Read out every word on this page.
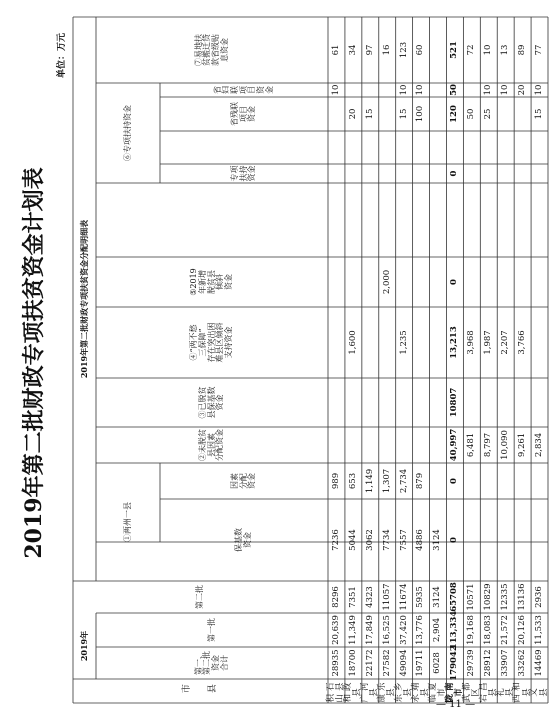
市　县
2019年
第一、
第二批
资金
合计
第一批
第二批
2019年第二批财政专项扶贫资金分配明细表
①两州一县	保基数
资金
因素
分配
资金
②未脱贫
县因素
分配资金
③已脱贫
县保基数
资金
④“两不愁
三保障”
存在突出困
难县区倾斜
支持资金
⑤2019
年新增
脱贫县
倾斜
资金
⑥专项扶持资金
专项
扶持
资金
省残联
项目
资金
省妇联
项目
资金
⑦易地扶
贫搬迁贷
款省级贴
息资金
积石山县
28935
20,639
8296
7236
989
10
61
和政县
18700
11,349
7351
5044
653
1,600
20
34
广河县
22172
17,849
4323
3062
1,149
15
97
康乐县
27582
16,525
11057
7734
1,307
2,000
16
东乡县
49094
37,420
11674
7557
2,734
1,235
15
10
123
永靖县
19711
13,776
5935
4886
879
100
10
60
临夏市
6028
2,904
3124
3124
陇南市
179042
113,334
65708
0
0
40,997
10807
13,213
0
0
120
50
521
武都区
29739
19,168
10571
6,481
3,968
50
72
宕昌县
28912
18,083
10829
8,797
1,987
25
10
10
礼　县
33907
21,572
12335
10,090
2,207
10
13
西和县
33262
20,126
13136
9,261
3,766
20
89
文　县
14469
11,533
2936
2,834
15
10
77
2019年第二批财政专项扶贫资金计划表
单位：万元
— 11 —
